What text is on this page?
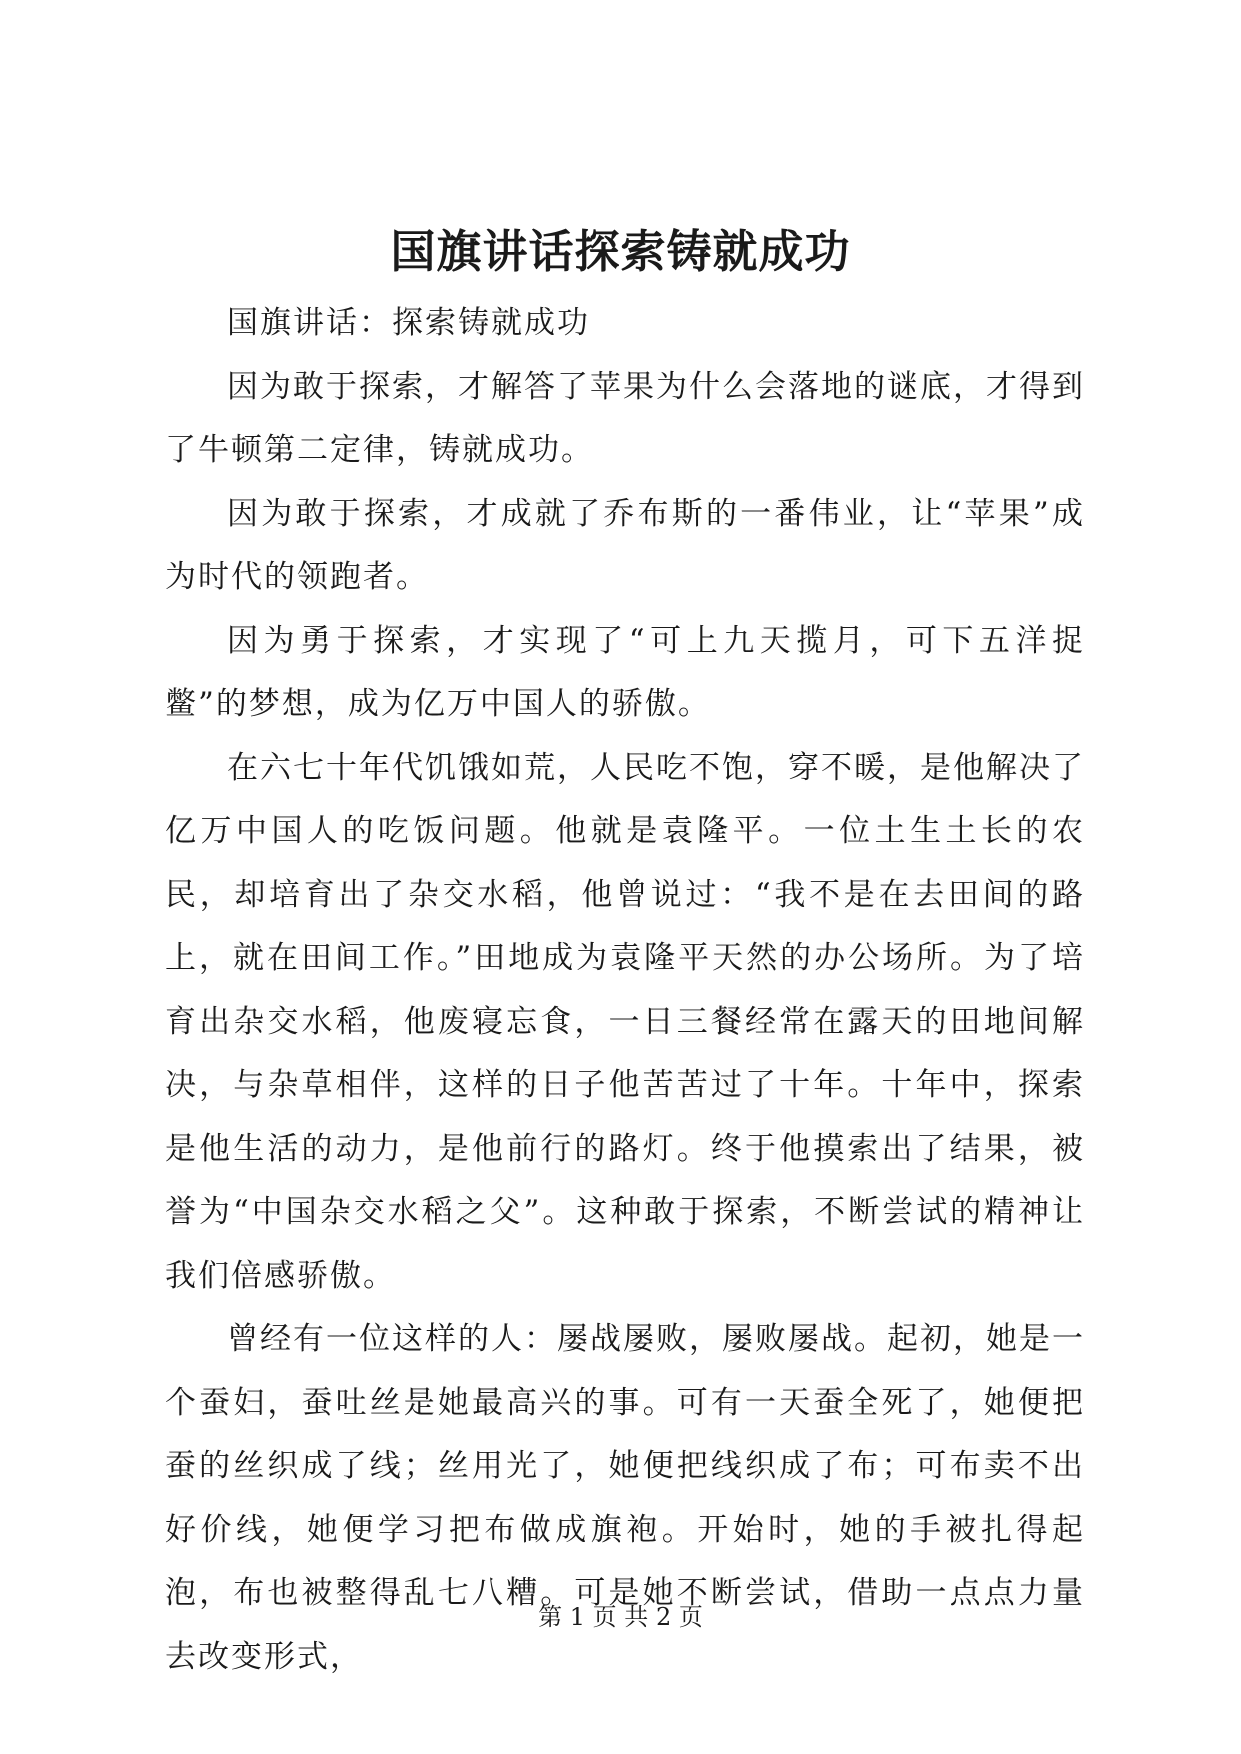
国旗讲话探索铸就成功

国旗讲话：探索铸就成功

因为敢于探索，才解答了苹果为什么会落地的谜底，才得到了牛顿第二定律，铸就成功。

因为敢于探索，才成就了乔布斯的一番伟业，让“苹果”成为时代的领跑者。

因为勇于探索，才实现了“可上九天揽月，可下五洋捉鳖”的梦想，成为亿万中国人的骄傲。

在六七十年代饥饿如荒，人民吃不饱，穿不暖，是他解决了亿万中国人的吃饭问题。他就是袁隆平。一位土生土长的农民，却培育出了杂交水稻，他曾说过：“我不是在去田间的路上，就在田间工作。”田地成为袁隆平天然的办公场所。为了培育出杂交水稻，他废寝忘食，一日三餐经常在露天的田地间解决，与杂草相伴，这样的日子他苦苦过了十年。十年中，探索是他生活的动力，是他前行的路灯。终于他摸索出了结果，被誉为“中国杂交水稻之父”。这种敢于探索，不断尝试的精神让我们倍感骄傲。

曾经有一位这样的人：屡战屡败，屡败屡战。起初，她是一个蚕妇，蚕吐丝是她最高兴的事。可有一天蚕全死了，她便把蚕的丝织成了线；丝用光了，她便把线织成了布；可布卖不出好价线，她便学习把布做成旗袍。开始时，她的手被扎得起泡，布也被整得乱七八糟。可是她不断尝试，借助一点点力量去改变形式，

第 1 页 共 2 页
